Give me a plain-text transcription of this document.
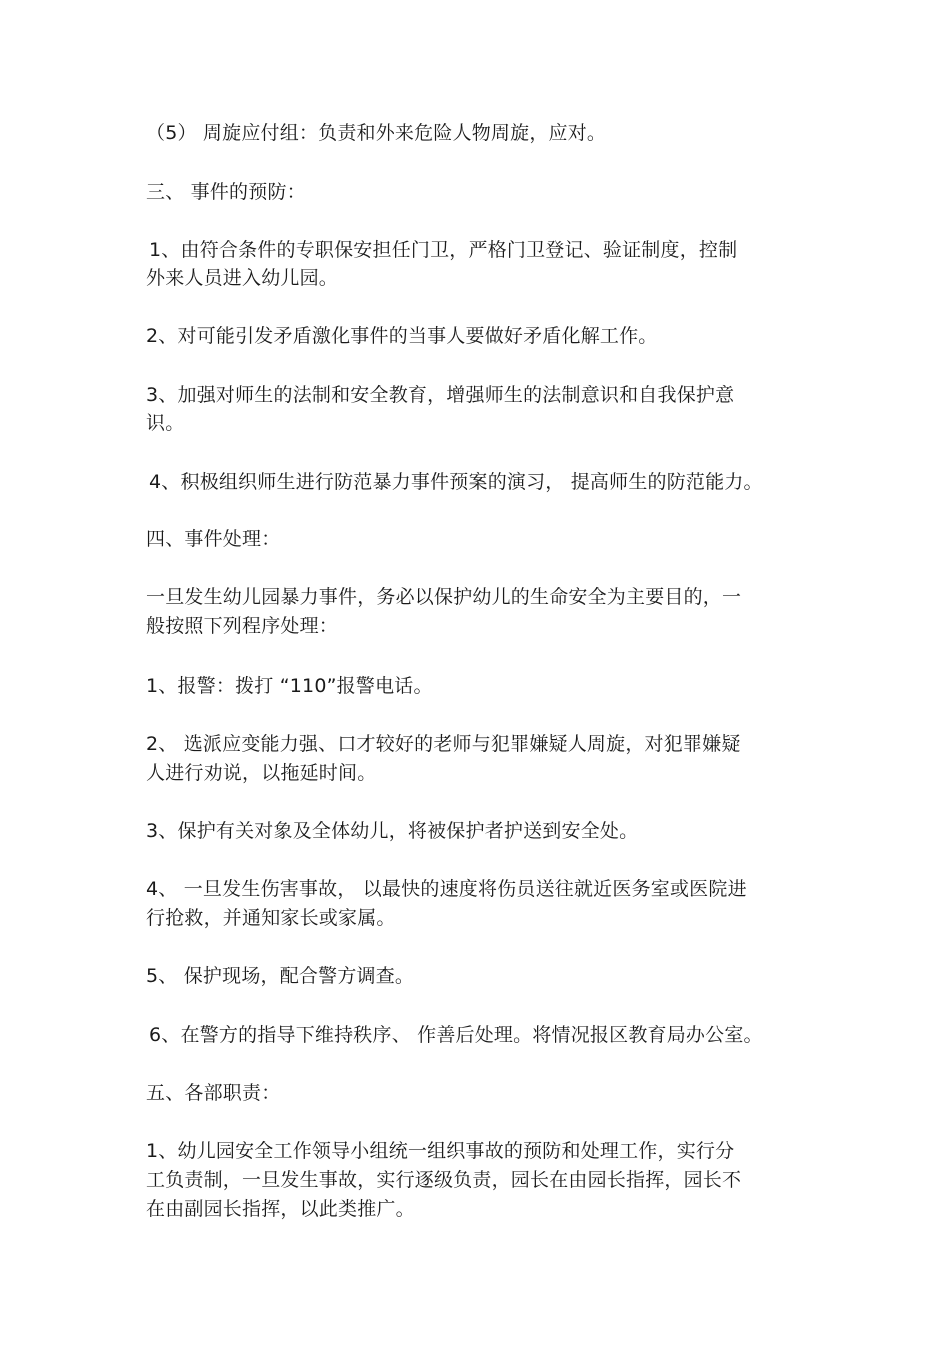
（5） 周旋应付组：负责和外来危险人物周旋，应对。
三、 事件的预防：
1、由符合条件的专职保安担任门卫，严格门卫登记、验证制度，控制
外来人员进入幼儿园。
2、对可能引发矛盾激化事件的当事人要做好矛盾化解工作。
3、加强对师生的法制和安全教育，增强师生的法制意识和自我保护意
识。
4、积极组织师生进行防范暴力事件预案的演习， 提高师生的防范能力。
四、事件处理：
一旦发生幼儿园暴力事件，务必以保护幼儿的生命安全为主要目的，一
般按照下列程序处理：
1、报警：拨打 “110”报警电话。
2、 选派应变能力强、口才较好的老师与犯罪嫌疑人周旋，对犯罪嫌疑
人进行劝说，以拖延时间。
3、保护有关对象及全体幼儿，将被保护者护送到安全处。
4、 一旦发生伤害事故， 以最快的速度将伤员送往就近医务室或医院进
行抢救，并通知家长或家属。
5、 保护现场，配合警方调查。
6、在警方的指导下维持秩序、 作善后处理。将情况报区教育局办公室。
五、各部职责：
1、幼儿园安全工作领导小组统一组织事故的预防和处理工作，实行分
工负责制，一旦发生事故，实行逐级负责，园长在由园长指挥，园长不
在由副园长指挥，以此类推广。
